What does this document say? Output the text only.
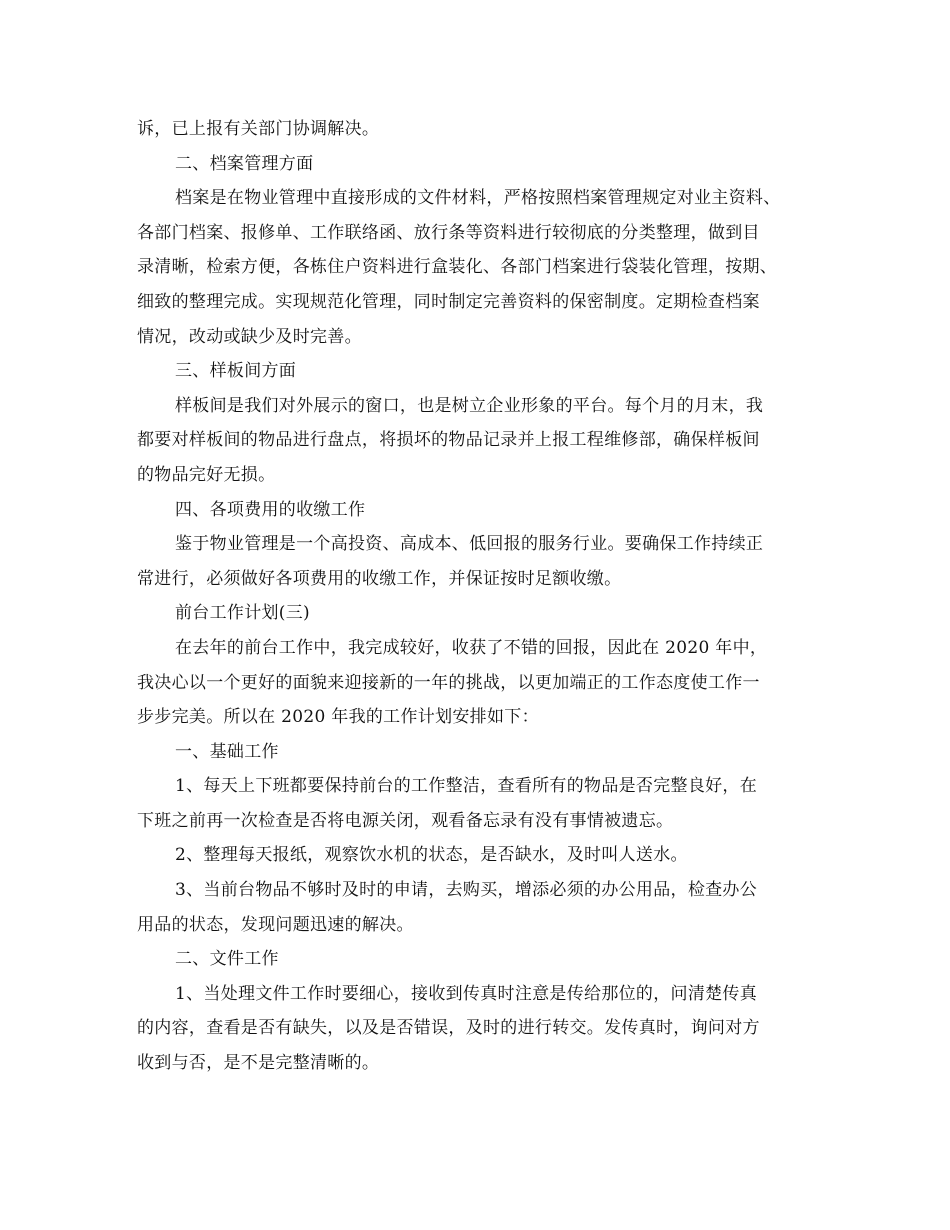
诉，已上报有关部门协调解决。
二、档案管理方面
档案是在物业管理中直接形成的文件材料，严格按照档案管理规定对业主资料、
各部门档案、报修单、工作联络函、放行条等资料进行较彻底的分类整理，做到目
录清晰，检索方便，各栋住户资料进行盒装化、各部门档案进行袋装化管理，按期、
细致的整理完成。实现规范化管理，同时制定完善资料的保密制度。定期检查档案
情况，改动或缺少及时完善。
三、样板间方面
样板间是我们对外展示的窗口，也是树立企业形象的平台。每个月的月末，我
都要对样板间的物品进行盘点，将损坏的物品记录并上报工程维修部，确保样板间
的物品完好无损。
四、各项费用的收缴工作
鉴于物业管理是一个高投资、高成本、低回报的服务行业。要确保工作持续正
常进行，必须做好各项费用的收缴工作，并保证按时足额收缴。
前台工作计划(三)
在去年的前台工作中，我完成较好，收获了不错的回报，因此在 2020 年中，
我决心以一个更好的面貌来迎接新的一年的挑战，以更加端正的工作态度使工作一
步步完美。所以在 2020 年我的工作计划安排如下：
一、基础工作
1、每天上下班都要保持前台的工作整洁，查看所有的物品是否完整良好，在
下班之前再一次检查是否将电源关闭，观看备忘录有没有事情被遗忘。
2、整理每天报纸，观察饮水机的状态，是否缺水，及时叫人送水。
3、当前台物品不够时及时的申请，去购买，增添必须的办公用品，检查办公
用品的状态，发现问题迅速的解决。
二、文件工作
1、当处理文件工作时要细心，接收到传真时注意是传给那位的，问清楚传真
的内容，查看是否有缺失，以及是否错误，及时的进行转交。发传真时，询问对方
收到与否，是不是完整清晰的。
